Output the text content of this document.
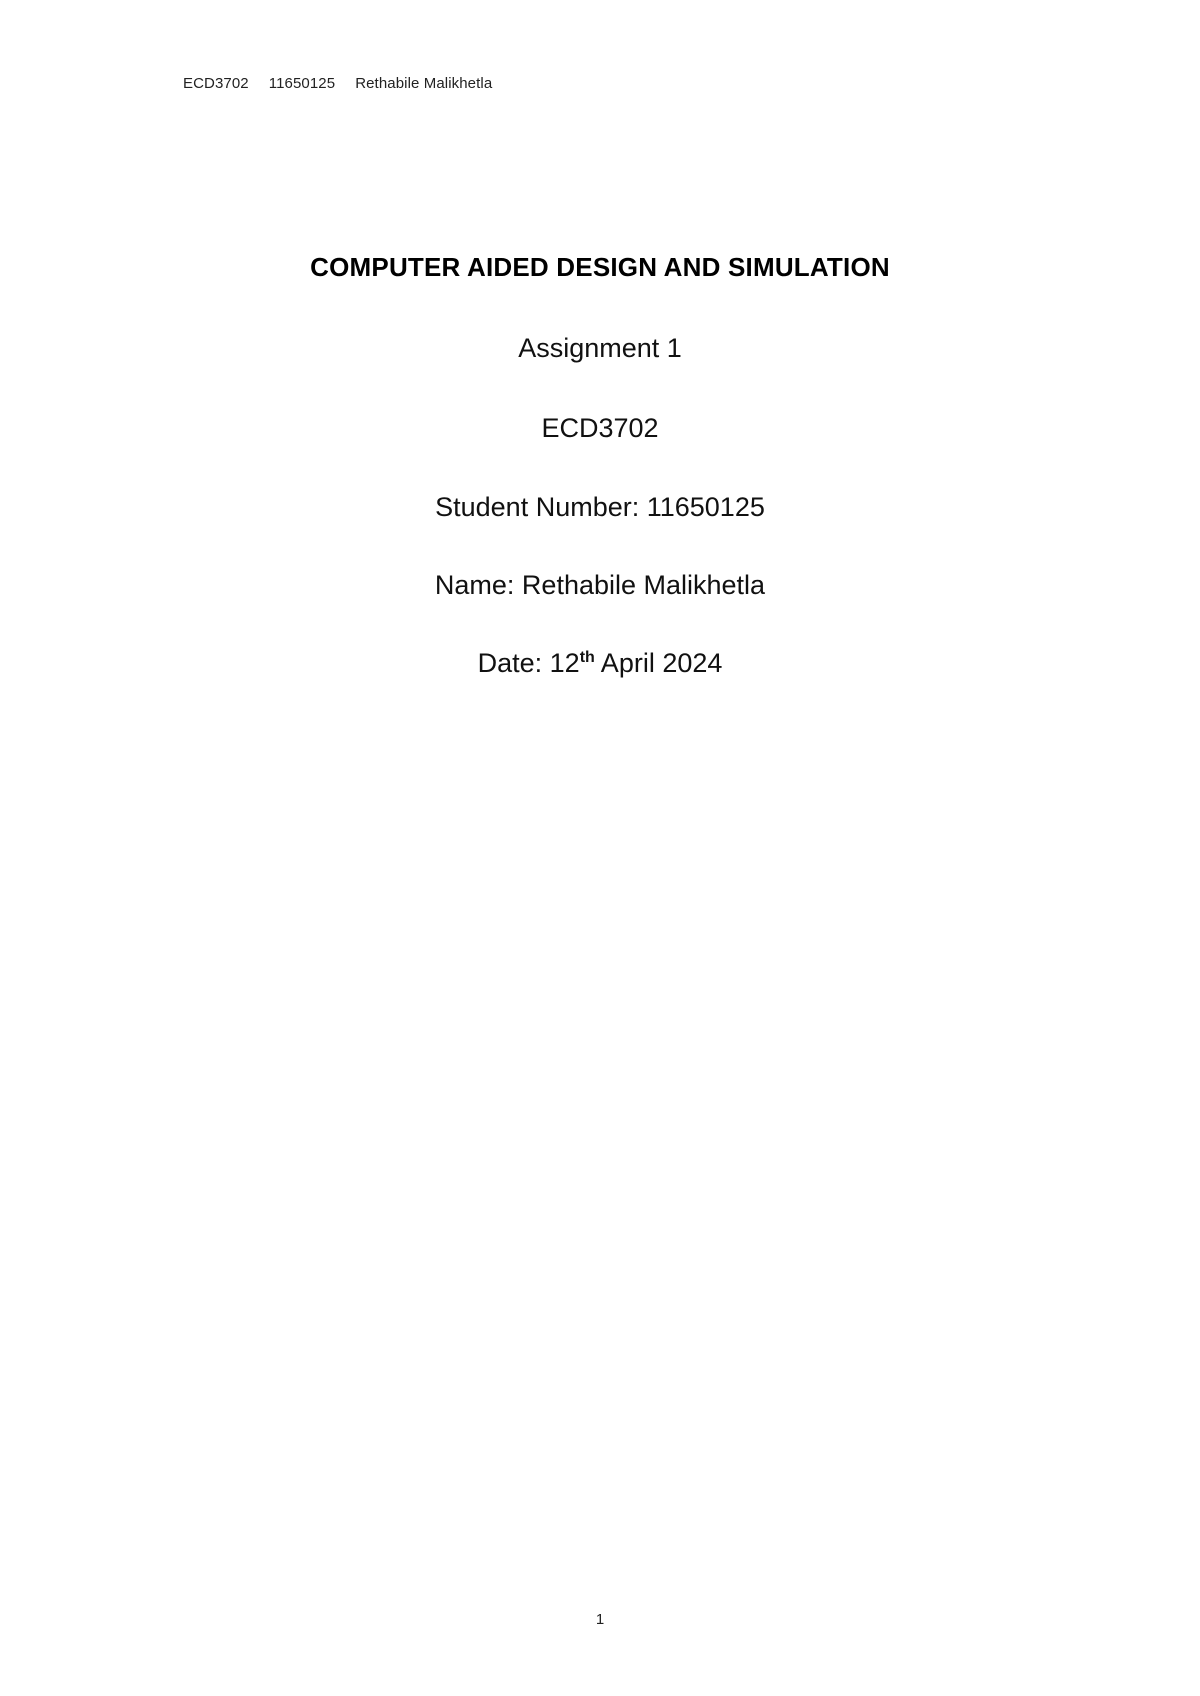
ECD3702 11650125 Rethabile Malikhetla
COMPUTER AIDED DESIGN AND SIMULATION
Assignment 1
ECD3702
Student Number: 11650125
Name: Rethabile Malikhetla
Date: 12th April 2024
1
